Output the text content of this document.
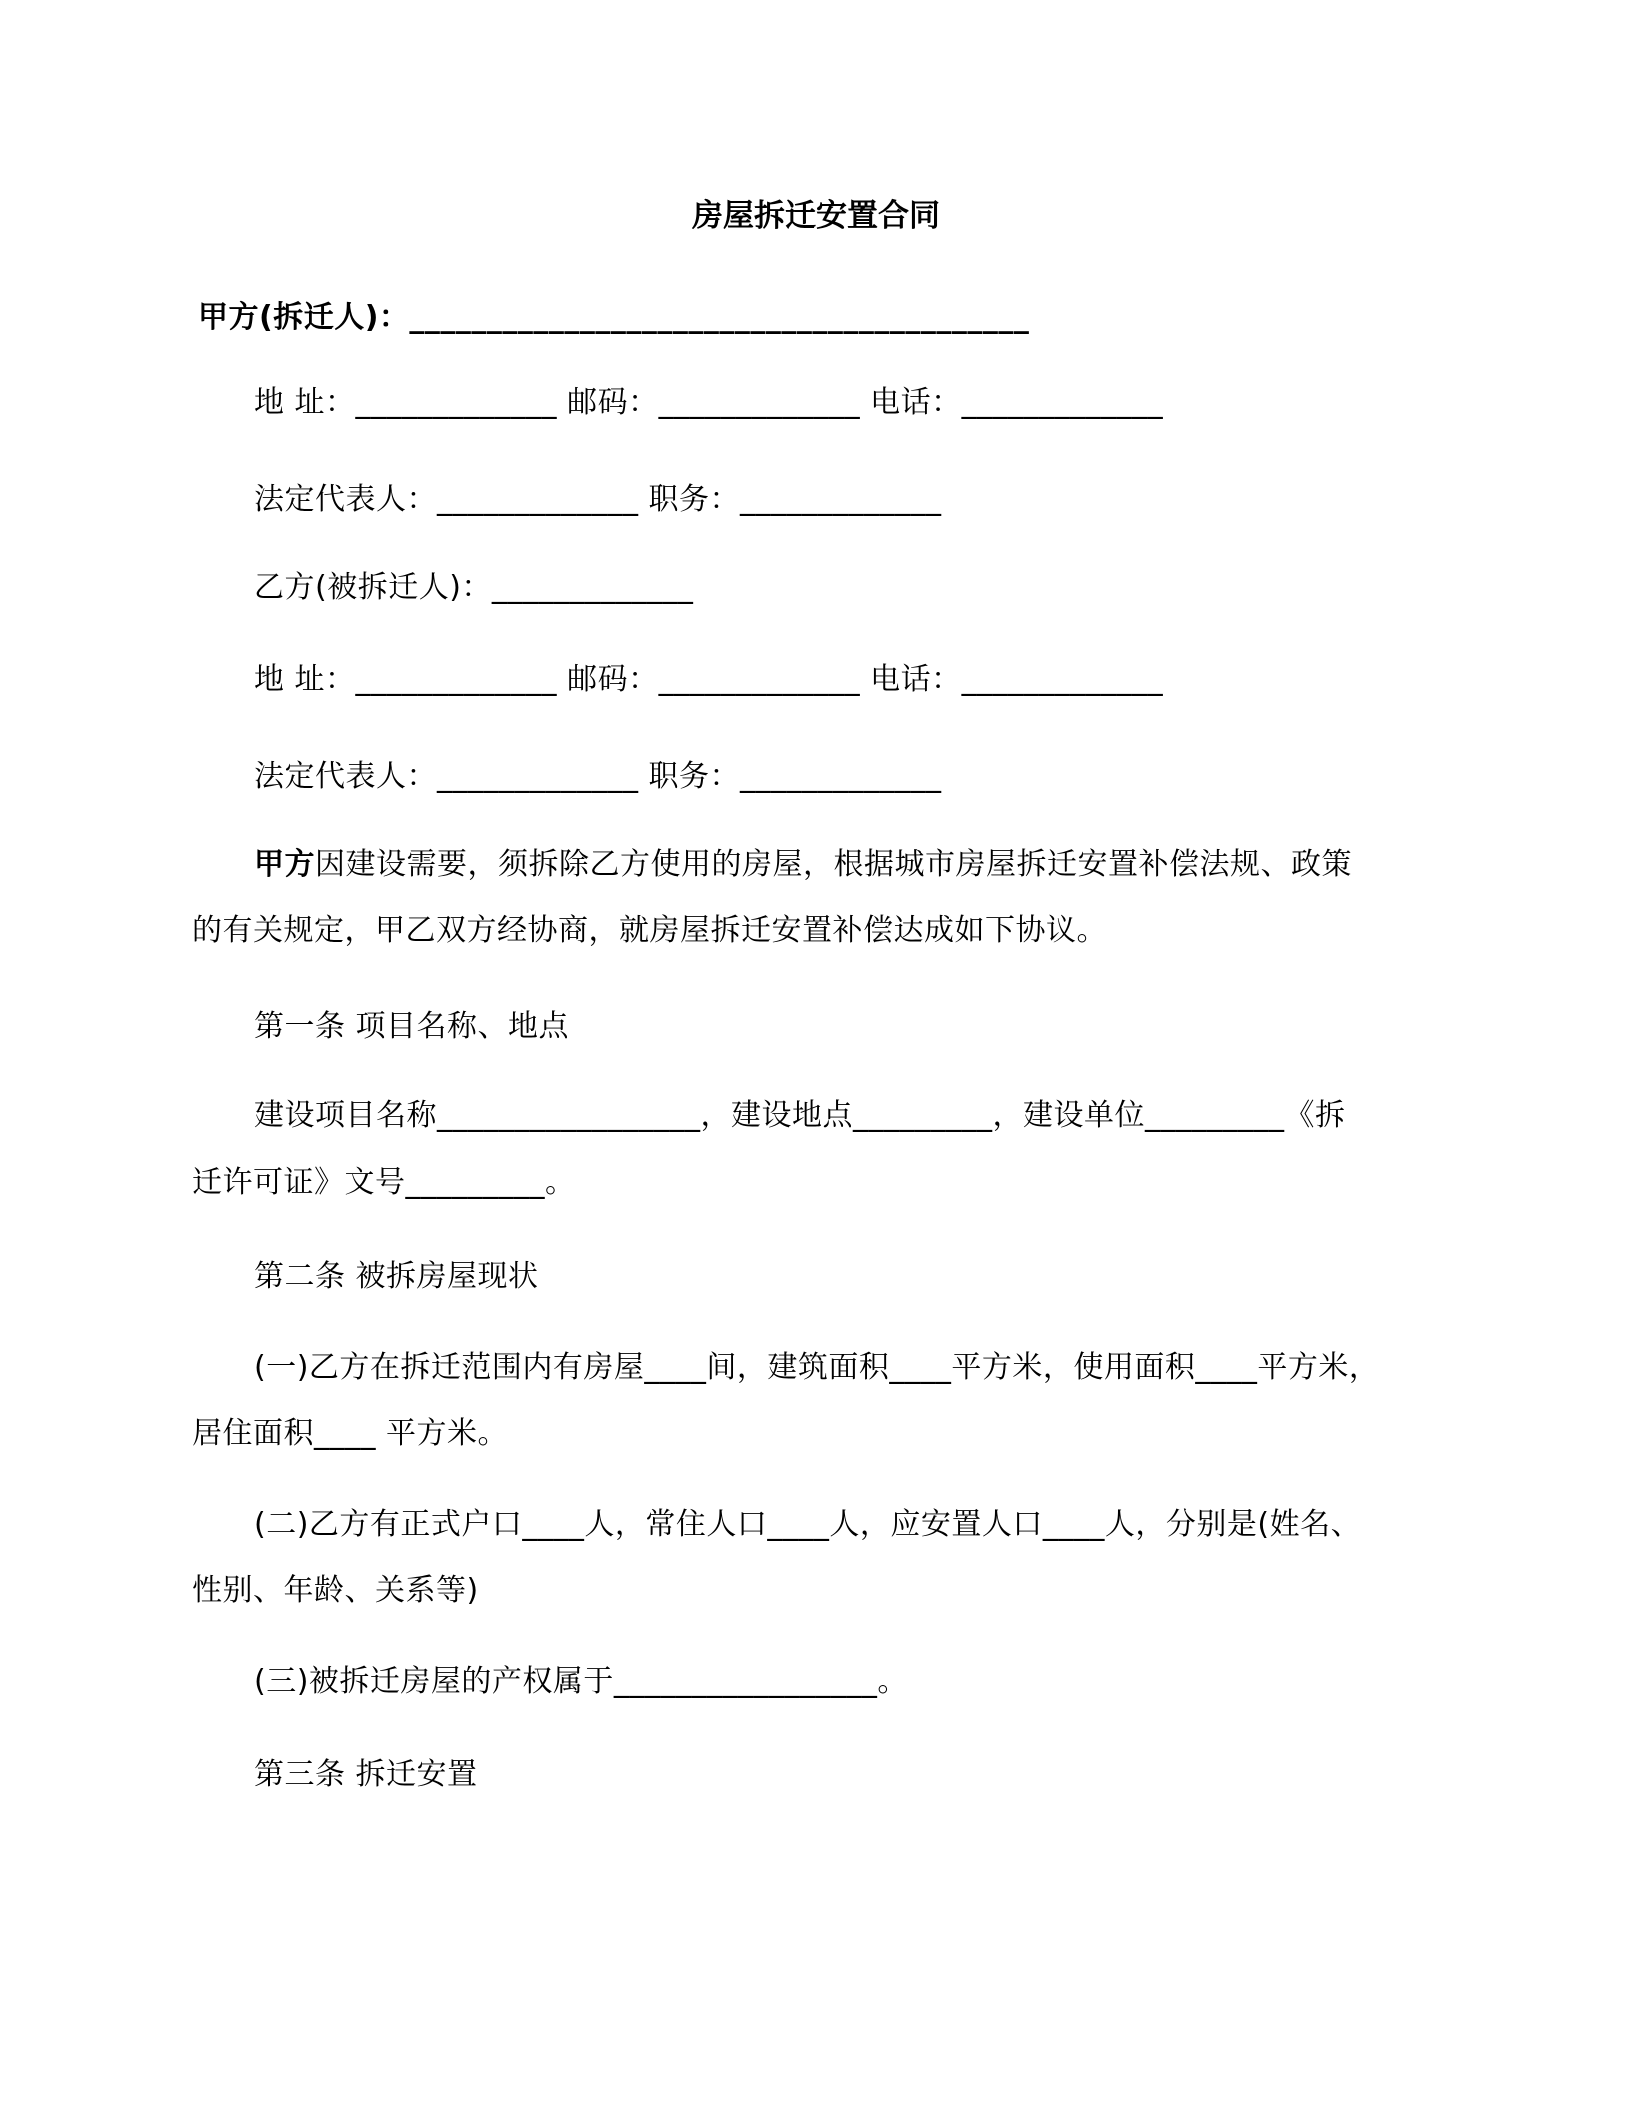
房屋拆迁安置合同
甲方(拆迁人)：________________________________________
地 址：_____________ 邮码：_____________ 电话：_____________
法定代表人：_____________ 职务：_____________
乙方(被拆迁人)：_____________
地 址：_____________ 邮码：_____________ 电话：_____________
法定代表人：_____________ 职务：_____________
甲方因建设需要，须拆除乙方使用的房屋，根据城市房屋拆迁安置补偿法规、政策
的有关规定，甲乙双方经协商，就房屋拆迁安置补偿达成如下协议。
第一条 项目名称、地点
建设项目名称_________________，建设地点_________，建设单位_________《拆
迁许可证》文号_________。
第二条 被拆房屋现状
(一)乙方在拆迁范围内有房屋____间，建筑面积____平方米，使用面积____平方米，
居住面积____ 平方米。
(二)乙方有正式户口____人，常住人口____人，应安置人口____人，分别是(姓名、
性别、年龄、关系等)
(三)被拆迁房屋的产权属于_________________。
第三条 拆迁安置
